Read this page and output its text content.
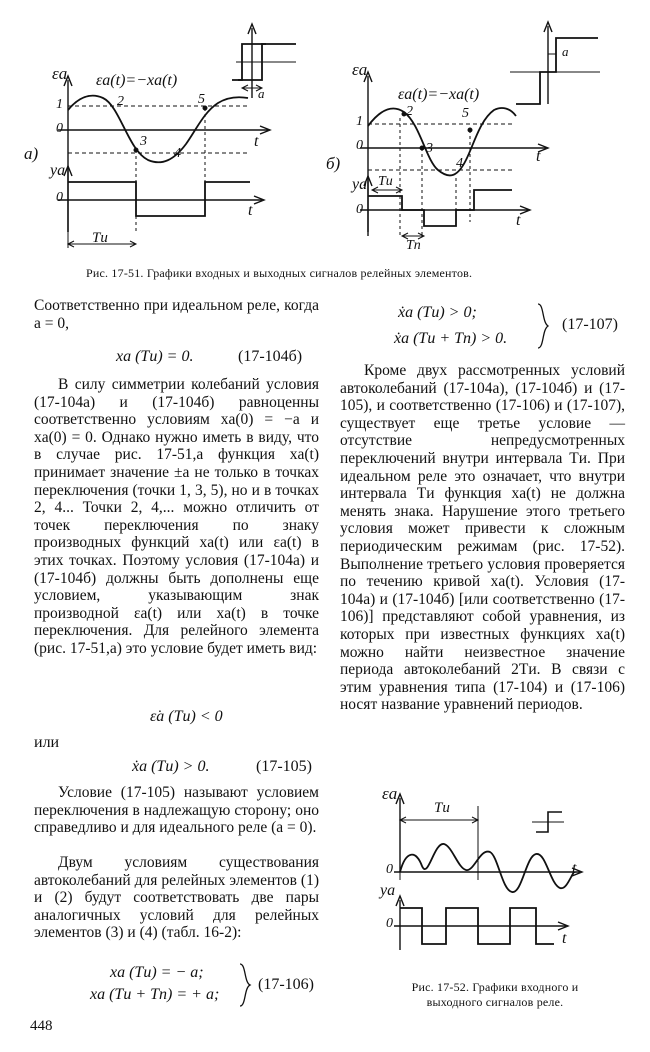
εa εa(t)=−xa(t)
1
0
2
3
4
5
t
а)
ya
0
t
Tи
a
εa
εa(t)=−xa(t)
1
0
2
3
4
5
t
б)
ya Tи
0
t
Tп
a
Рис. 17-51. Графики входных и выходных сигналов релейных элементов.
Соответственно при идеальном реле, когда a = 0,
xa (Tи) = 0.	(17-104б)
В силу симметрии колебаний условия (17-104а) и (17-104б) равноценны соответственно условиям xa(0) = −a и xa(0) = 0. Однако нужно иметь в виду, что в случае рис. 17-51,а функция xa(t) принимает значение ±a не только в точках переключения (точки 1, 3, 5), но и в точках 2, 4... Точки 2, 4,... можно отличить от точек переключения по знаку производных функций xa(t) или εa(t) в этих точках. Поэтому условия (17-104а) и (17-104б) должны быть дополнены еще условием, указывающим знак производной εa(t) или xa(t) в точке переключения. Для релейного элемента (рис. 17-51,а) это условие будет иметь вид:
ε̇a (Tи) < 0
или
ẋa (Tи) > 0.	(17-105)
Условие (17-105) называют условием переключения в надлежащую сторону; оно справедливо и для идеального реле (a = 0).
Двум условиям существования автоколебаний для релейных элементов (1) и (2) будут соответствовать две пары аналогичных условий для релейных элементов (3) и (4) (табл. 16-2):
xa (Tи) = − a;
xa (Tи + Tп) = + a;
(17-106)
448
ẋa (Tи) > 0;
ẋa (Tи + Tп) > 0.
(17-107)
Кроме двух рассмотренных условий автоколебаний (17-104а), (17-104б) и (17-105), и соответственно (17-106) и (17-107), существует еще третье условие — отсутствие непредусмотренных переключений внутри интервала Tи. При идеальном реле это означает, что внутри интервала Tи функция xa(t) не должна менять знака. Нарушение этого третьего условия может привести к сложным периодическим режимам (рис. 17-52). Выполнение третьего условия проверяется по течению кривой xa(t). Условия (17-104а) и (17-104б) [или соответственно (17-106)] представляют собой уравнения, из которых при известных функциях xa(t) можно найти неизвестное значение периода автоколебаний 2Tи. В связи с этим уравнения типа (17-104) и (17-106) носят название уравнений периодов.
εa
Tи
0	t
ya
0
t
Рис. 17-52. Графики входного и
выходного сигналов реле.
